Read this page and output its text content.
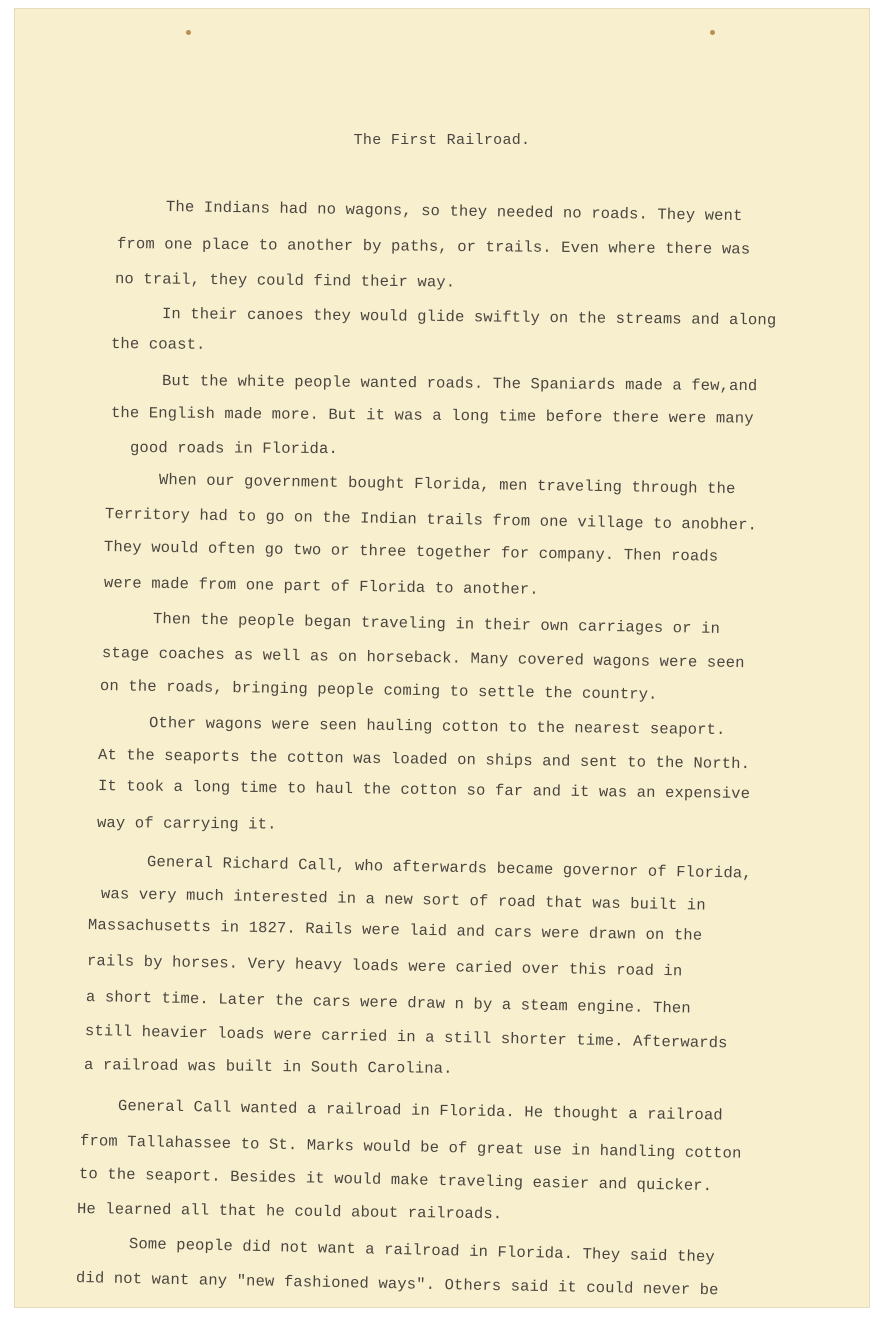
The First Railroad.
The Indians had no wagons, so they needed no roads. They went
from one place to another by paths, or trails. Even where there was
no trail, they could find their way.
In their canoes they would glide swiftly on the streams and along
the coast.
But the white people wanted roads. The Spaniards made a few,and
the English made more. But it was a long time before there were many
good roads in Florida.
When our government bought Florida, men traveling through the
Territory had to go on the Indian trails from one village to anobher.
They would often go two or three together for company. Then roads
were made from one part of Florida to another.
Then the people began traveling in their own carriages or in
stage coaches as well as on horseback. Many covered wagons were seen
on the roads, bringing people coming to settle the country.
Other wagons were seen hauling cotton to the nearest seaport.
At the seaports the cotton was loaded on ships and sent to the North.
It took a long time to haul the cotton so far and it was an expensive
way of carrying it.
General Richard Call, who afterwards became governor of Florida,
was very much interested in a new sort of road that was built in
Massachusetts in 1827. Rails were laid and cars were drawn on the
rails by horses. Very heavy loads were caried over this road in
a short time. Later the cars were draw n by a steam engine. Then
still heavier loads were carried in a still shorter time. Afterwards
a railroad was built in South Carolina.
General Call wanted a railroad in Florida. He thought a railroad
from Tallahassee to St. Marks would be of great use in handling cotton
to the seaport. Besides it would make traveling easier and quicker.
He learned all that he could about railroads.
Some people did not want a railroad in Florida. They said they
did not want any "new fashioned ways". Others said it could never be
